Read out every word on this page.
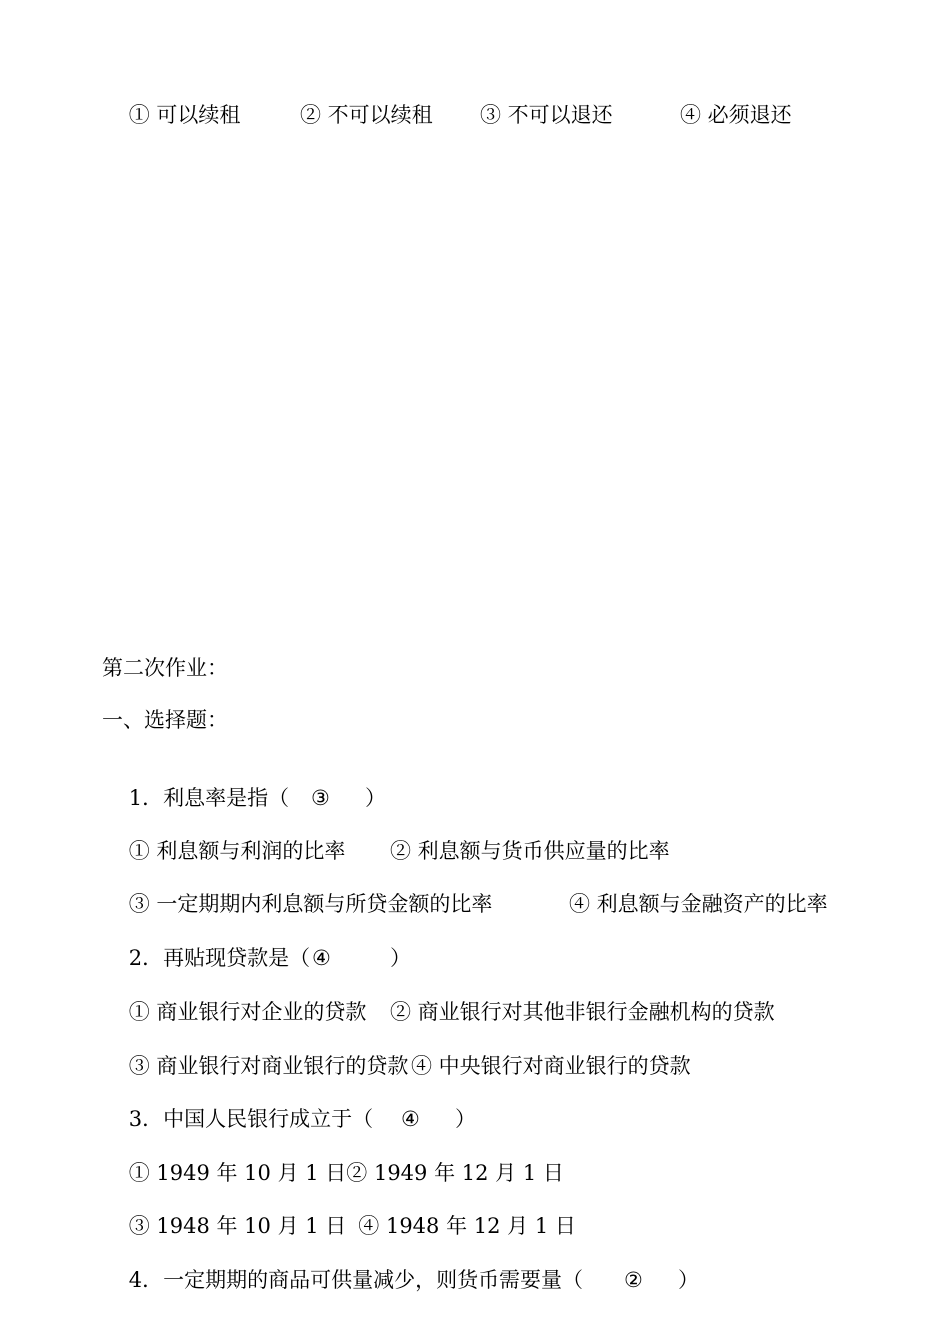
① 可以续租	② 不可以续租 ③ 不可以退还	④ 必须退还

第二次作业：
一、选择题：

1．利息率是指（ ③ ）

① 利息额与利润的比率 ② 利息额与货币供应量的比率

③ 一定期期内利息额与所贷金额的比率	④ 利息额与金融资产的比率

2．再贴现贷款是（ ④	）

① 商业银行对企业的贷款 ② 商业银行对其他非银行金融机构的贷款

③ 商业银行对商业银行的贷款 ④ 中央银行对商业银行的贷款

3．中国人民银行成立于（ ④ ）

① 1949 年 10 月 1 日② 1949 年 12 月 1 日

③ 1948 年 10 月 1 日 ④ 1948 年 12 月 1 日

4．一定期期的商品可供量减少，则货币需要量（ ② ）
